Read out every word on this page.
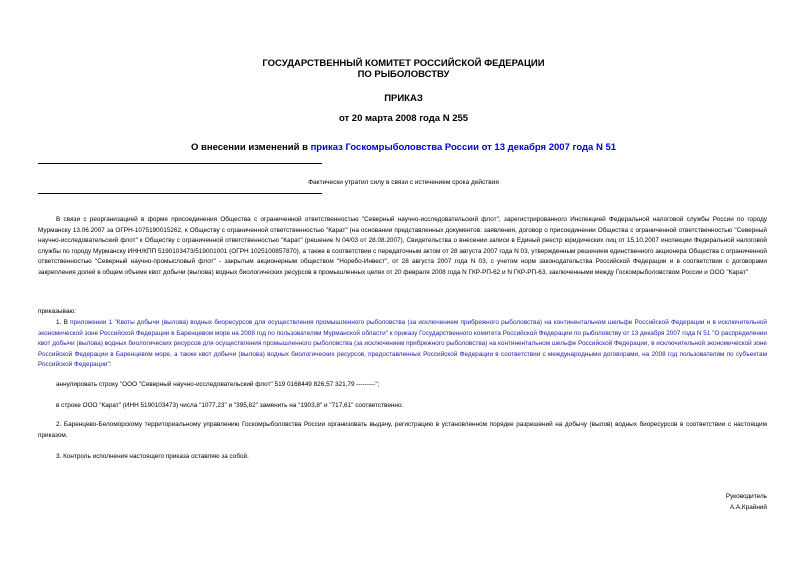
ГОСУДАРСТВЕННЫЙ КОМИТЕТ РОССИЙСКОЙ ФЕДЕРАЦИИ
ПО РЫБОЛОВСТВУ
ПРИКАЗ
от 20 марта 2008 года N 255
О внесении изменений в приказ Госкомрыболовства России от 13 декабря 2007 года N 51
Фактически утратил силу в связи с истечением срока действия

В связи с реорганизацией в форме присоединения Общества с ограниченной ответственностью "Северный научно-исследовательский флот", зарегистрированного Инспекцией Федеральной налоговой службы России по городу Мурманску 13.06.2007 за ОГРН-1075190015262, к Обществу с ограниченной ответственностью "Карат" (на основании представленных документов: заявления, договор о присоединении Общества с ограниченной ответственностью "Северный научно-исследовательский флот" к Обществу с ограниченной ответственностью "Карат" (решение N 04/03 от 28.08.2007), Свидетельства о внесении записи в Единый реестр юридических лиц от 15.10.2007 инспекции Федеральной налоговой службы по городу Мурманску ИНН/КПП 5190103473/519001001 (ОГРН 1025100857870), а также в соответствии с передаточным актом от 28 августа 2007 года N 03, утвержденным решением единственного акционера Общества с ограниченной ответственностью "Северный научно-промысловый флот" - закрытым акционерным обществом "Норебо-Инвест", от 28 августа 2007 года N 03, с учетом норм законодательства Российской Федерации и в соответствии с договорами закрепления долей в общем объеме квот добычи (вылова) водных биологических ресурсов в промышленных целях от 20 февраля 2008 года N ГКР-РП-62 и N ГКР-РП-63, заключенными между Госкомрыболовством России и ООО "Карат"

приказываю:

1. В приложении 1 "Квоты добычи (вылова) водных биоресурсов для осуществления промышленного рыболовства (за исключением прибрежного рыболовства) на континентальном шельфе Российской Федерации и в исключительной экономической зоне Российской Федерации в Баренцевом море на 2008 год по пользователям Мурманской области" к приказу Государственного комитета Российской Федерации по рыболовству от 13 декабря 2007 года N 51 "О распределении квот добычи (вылова) водных биологических ресурсов для осуществления промышленного рыболовства (за исключением прибрежного рыболовства) на континентальном шельфе Российской Федерации, в исключительной экономической зоне Российской Федерации в Баренцевом море, а также квот добычи (вылова) водных биологических ресурсов, предоставленных Российской Федерации в соответствии с международными договорами, на 2008 год пользователям по субъектам Российской Федерации":

аннулировать строку "ООО "Северный научно-исследовательский флот" 519 0168449 826,57 321,79 ---------";
в строке ООО "Карат" (ИНН 5190103473) числа "1077,23" и "395,82" заменить на "1903,8" и "717,61" соответственно.

2. Баренцево-Беломорскому территориальному управлению Госкомрыболовства России организовать выдачу, регистрацию в установленном порядке разрешений на добычу (вылов) водных биоресурсов в соответствии с настоящим приказом.

3. Контроль исполнения настоящего приказа оставляю за собой.
Руководитель
А.А.Крайний
